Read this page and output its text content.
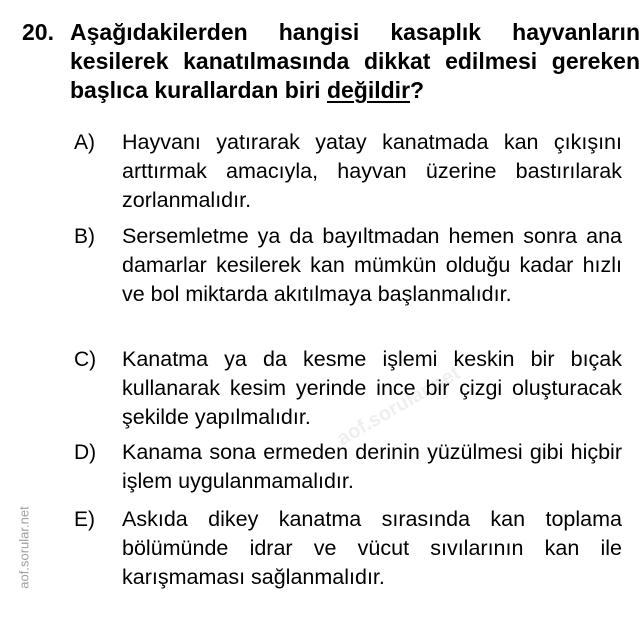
20. Aşağıdakilerden hangisi kasaplık hayvanların kesilerek kanatılmasında dikkat edilmesi gereken başlıca kurallardan biri değildir?
A) Hayvanı yatırarak yatay kanatmada kan çıkışını arttırmak amacıyla, hayvan üzerine bastırılarak zorlanmalıdır.
B) Sersemletme ya da bayıltmadan hemen sonra ana damarlar kesilerek kan mümkün olduğu kadar hızlı ve bol miktarda akıtılmaya başlanmalıdır.
C) Kanatma ya da kesme işlemi keskin bir bıçak kullanarak kesim yerinde ince bir çizgi oluşturacak şekilde yapılmalıdır.
D) Kanama sona ermeden derinin yüzülmesi gibi hiçbir işlem uygulanmamalıdır.
E) Askıda dikey kanatma sırasında kan toplama bölümünde idrar ve vücut sıvılarının kan ile karışmaması sağlanmalıdır.
aof.sorular.net
aof.sorular.net
